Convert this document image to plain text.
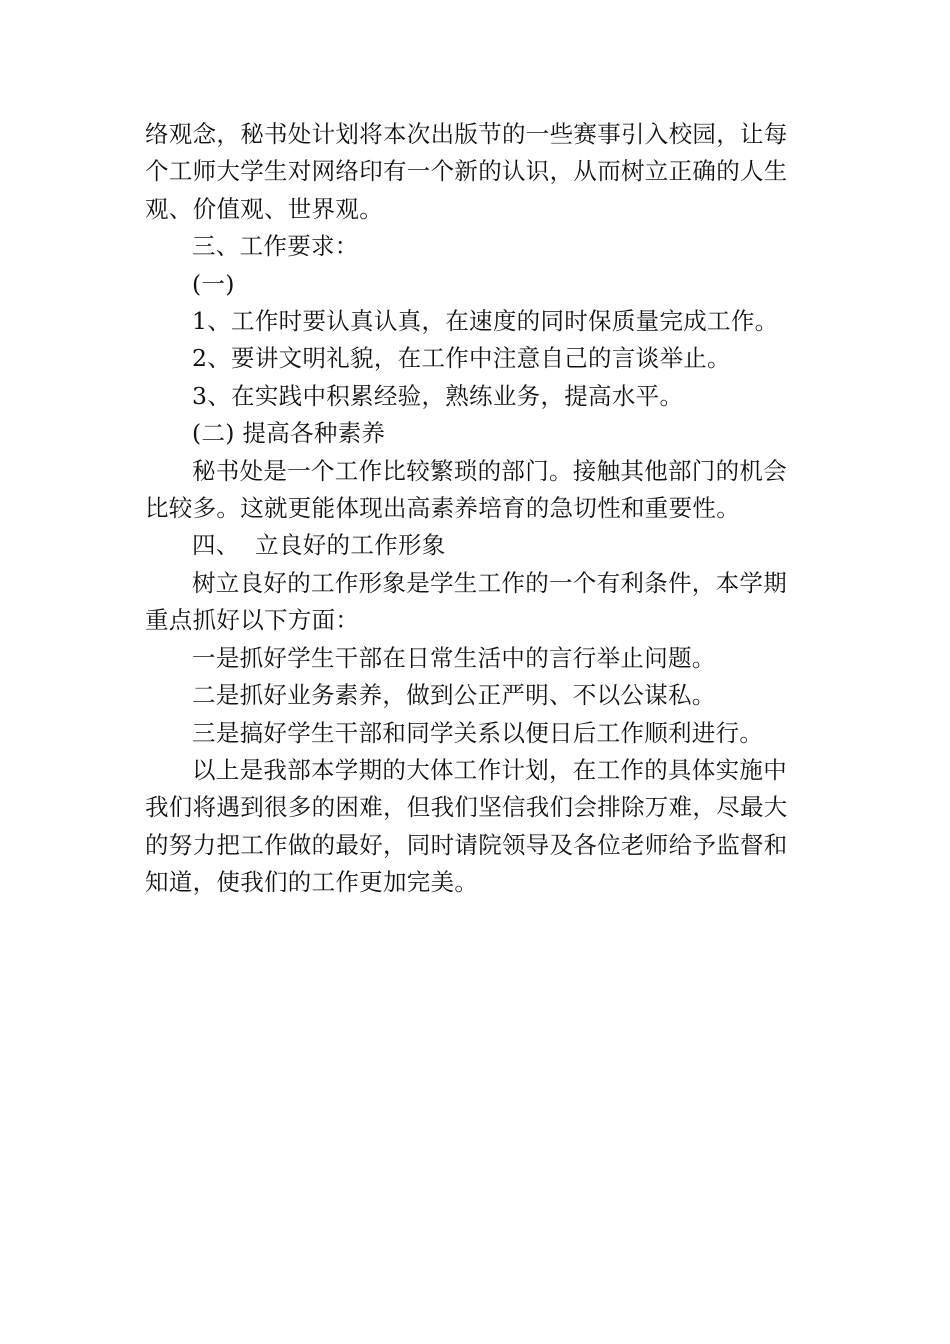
络观念，秘书处计划将本次出版节的一些赛事引入校园，让每个工师大学生对网络印有一个新的认识，从而树立正确的人生观、价值观、世界观。

三、工作要求：

(一)

1、工作时要认真认真，在速度的同时保质量完成工作。

2、要讲文明礼貌，在工作中注意自己的言谈举止。

3、在实践中积累经验，熟练业务，提高水平。

(二) 提高各种素养

秘书处是一个工作比较繁琐的部门。接触其他部门的机会比较多。这就更能体现出高素养培育的急切性和重要性。

四、  立良好的工作形象

树立良好的工作形象是学生工作的一个有利条件，本学期重点抓好以下方面：

一是抓好学生干部在日常生活中的言行举止问题。

二是抓好业务素养，做到公正严明、不以公谋私。

三是搞好学生干部和同学关系以便日后工作顺利进行。

以上是我部本学期的大体工作计划，在工作的具体实施中我们将遇到很多的困难，但我们坚信我们会排除万难，尽最大的努力把工作做的最好，同时请院领导及各位老师给予监督和知道，使我们的工作更加完美。
